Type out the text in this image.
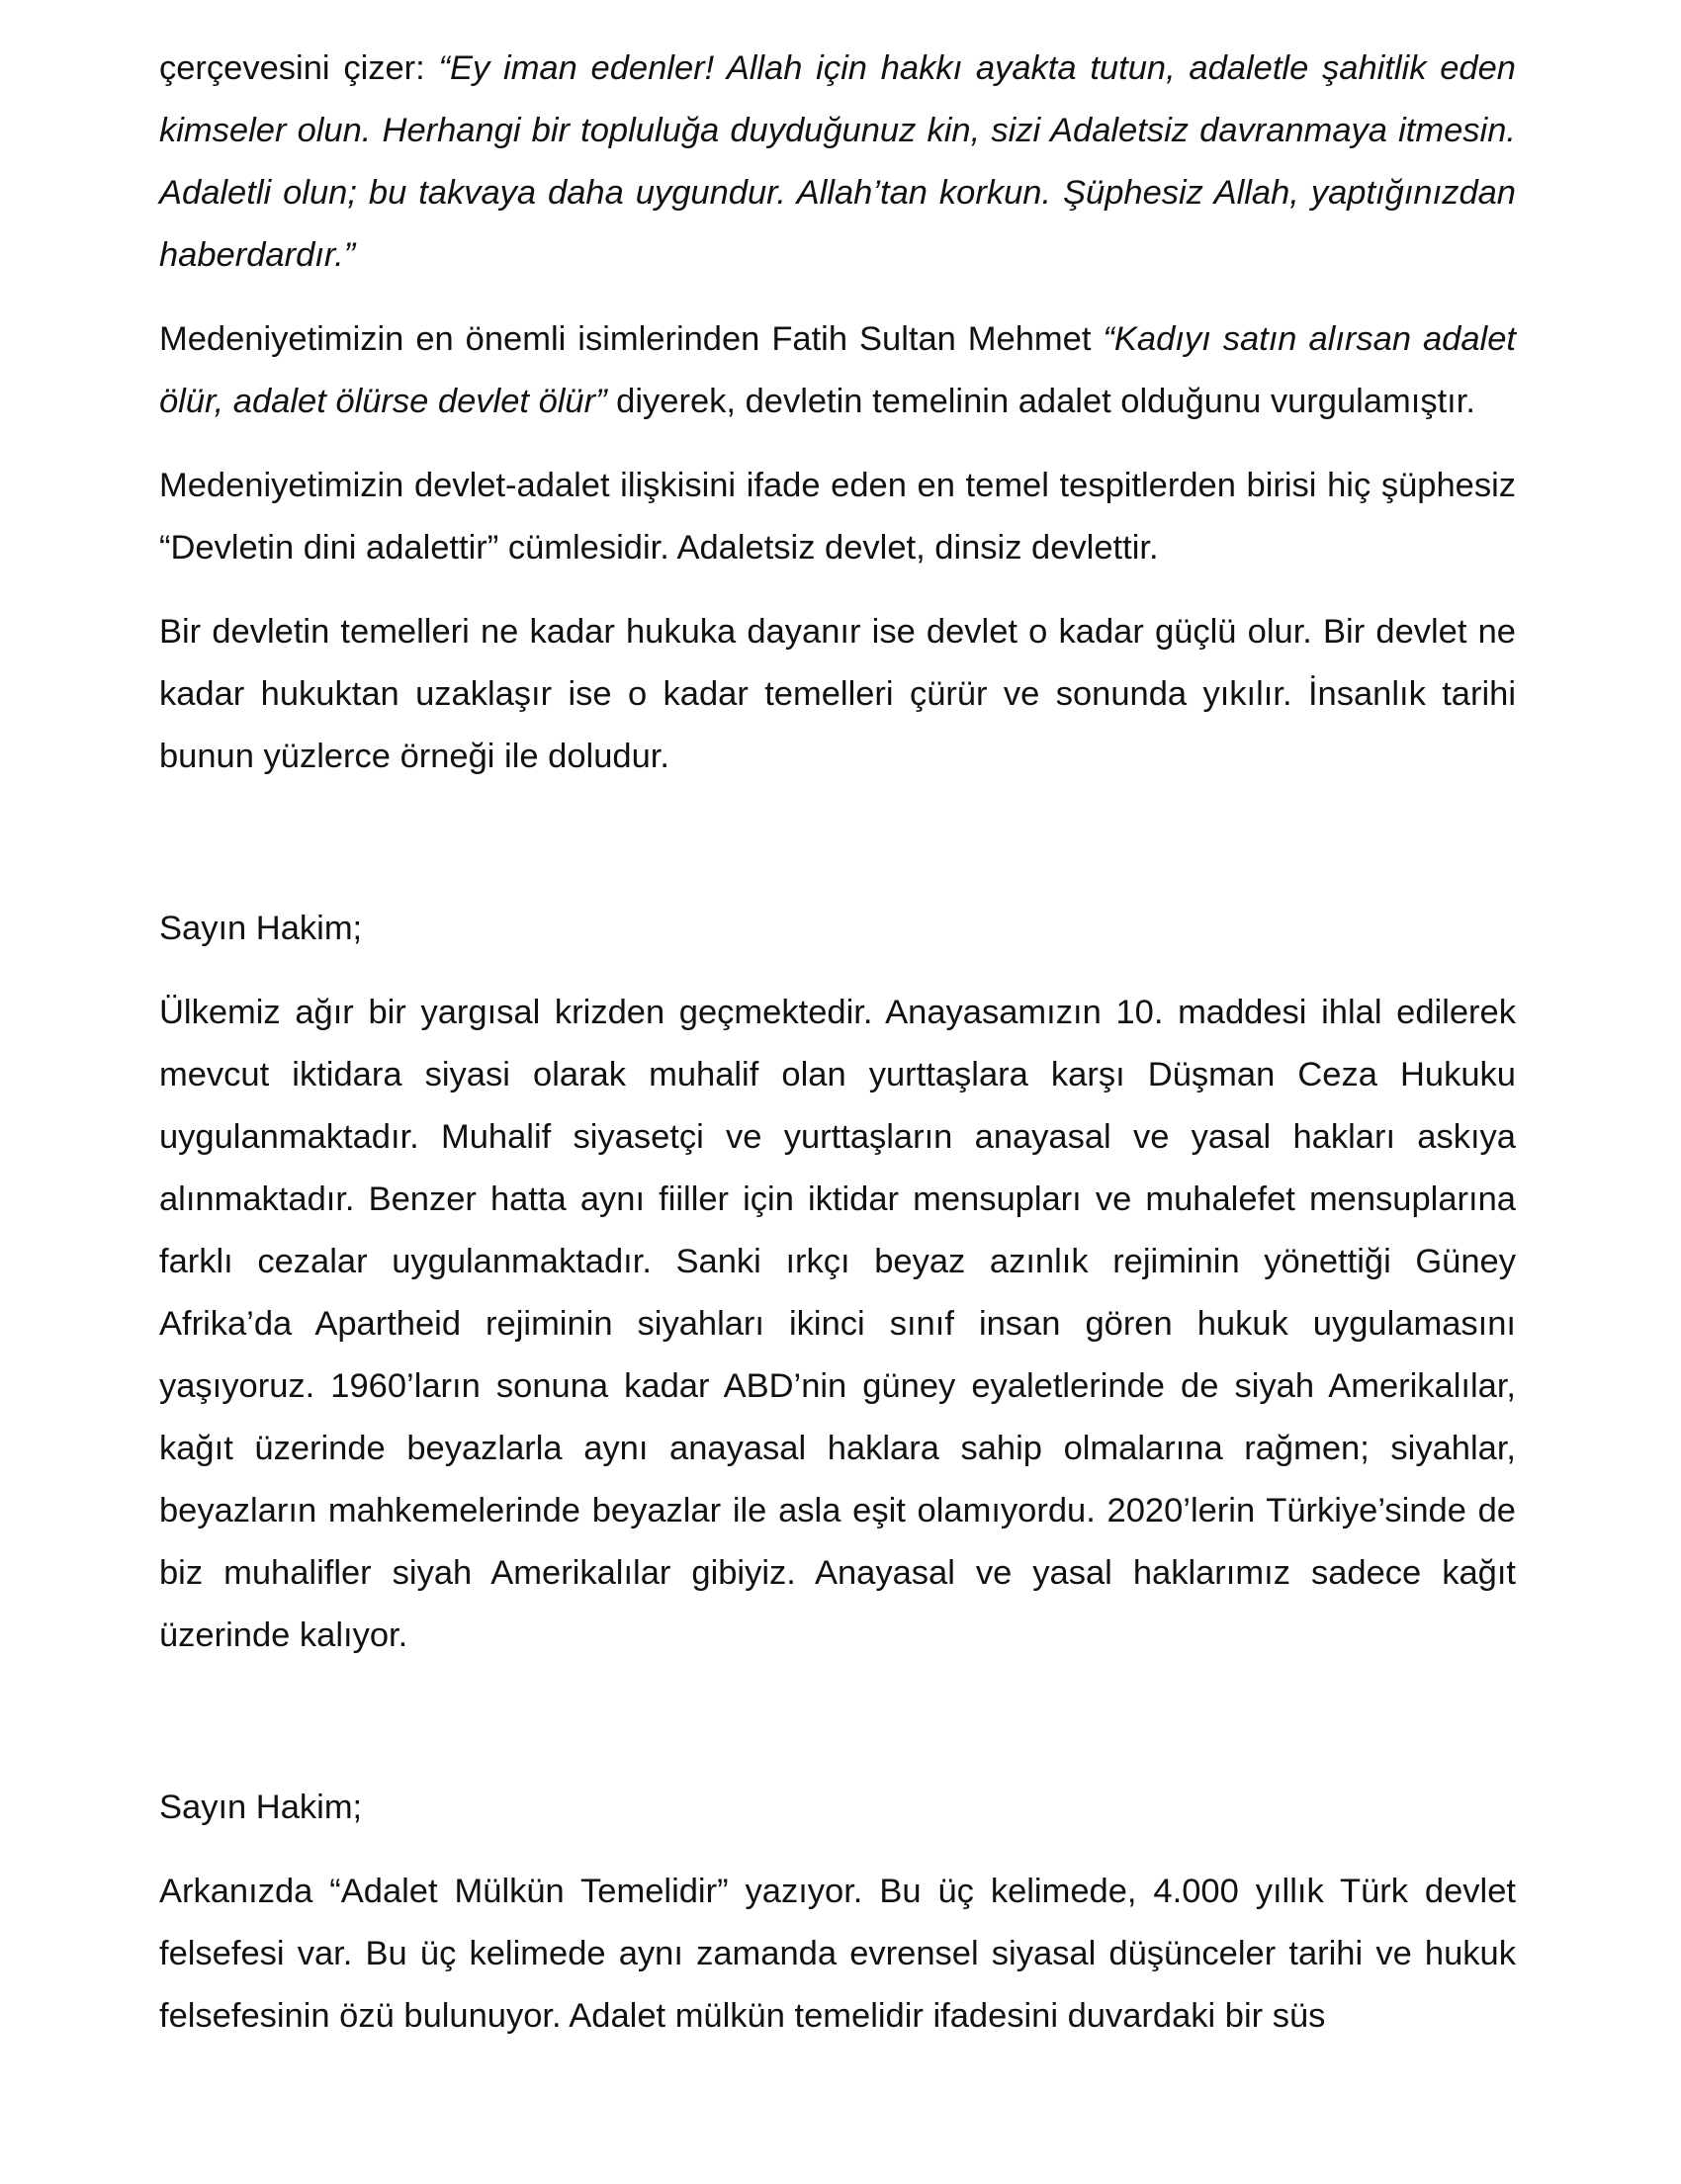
çerçevesini çizer: “Ey iman edenler! Allah için hakkı ayakta tutun, adaletle şahitlik eden kimseler olun. Herhangi bir topluluğa duyduğunuz kin, sizi Adaletsiz davranmaya itmesin. Adaletli olun; bu takvaya daha uygundur. Allah’tan korkun. Şüphesiz Allah, yaptığınızdan haberdardır.”

Medeniyetimizin en önemli isimlerinden Fatih Sultan Mehmet “Kadıyı satın alırsan adalet ölür, adalet ölürse devlet ölür” diyerek, devletin temelinin adalet olduğunu vurgulamıştır.

Medeniyetimizin devlet-adalet ilişkisini ifade eden en temel tespitlerden birisi hiç şüphesiz “Devletin dini adalettir” cümlesidir. Adaletsiz devlet, dinsiz devlettir.

Bir devletin temelleri ne kadar hukuka dayanır ise devlet o kadar güçlü olur. Bir devlet ne kadar hukuktan uzaklaşır ise o kadar temelleri çürür ve sonunda yıkılır. İnsanlık tarihi bunun yüzlerce örneği ile doludur.

Sayın Hakim;

Ülkemiz ağır bir yargısal krizden geçmektedir. Anayasamızın 10. maddesi ihlal edilerek mevcut iktidara siyasi olarak muhalif olan yurttaşlara karşı Düşman Ceza Hukuku uygulanmaktadır. Muhalif siyasetçi ve yurttaşların anayasal ve yasal hakları askıya alınmaktadır. Benzer hatta aynı fiiller için iktidar mensupları ve muhalefet mensuplarına farklı cezalar uygulanmaktadır. Sanki ırkçı beyaz azınlık rejiminin yönettiği Güney Afrika’da Apartheid rejiminin siyahları ikinci sınıf insan gören hukuk uygulamasını yaşıyoruz. 1960’ların sonuna kadar ABD’nin güney eyaletlerinde de siyah Amerikalılar, kağıt üzerinde beyazlarla aynı anayasal haklara sahip olmalarına rağmen; siyahlar, beyazların mahkemelerinde beyazlar ile asla eşit olamıyordu. 2020’lerin Türkiye’sinde de biz muhalifler siyah Amerikalılar gibiyiz. Anayasal ve yasal haklarımız sadece kağıt üzerinde kalıyor.

Sayın Hakim;

Arkanızda “Adalet Mülkün Temelidir” yazıyor. Bu üç kelimede, 4.000 yıllık Türk devlet felsefesi var. Bu üç kelimede aynı zamanda evrensel siyasal düşünceler tarihi ve hukuk felsefesinin özü bulunuyor. Adalet mülkün temelidir ifadesini duvardaki bir süs
